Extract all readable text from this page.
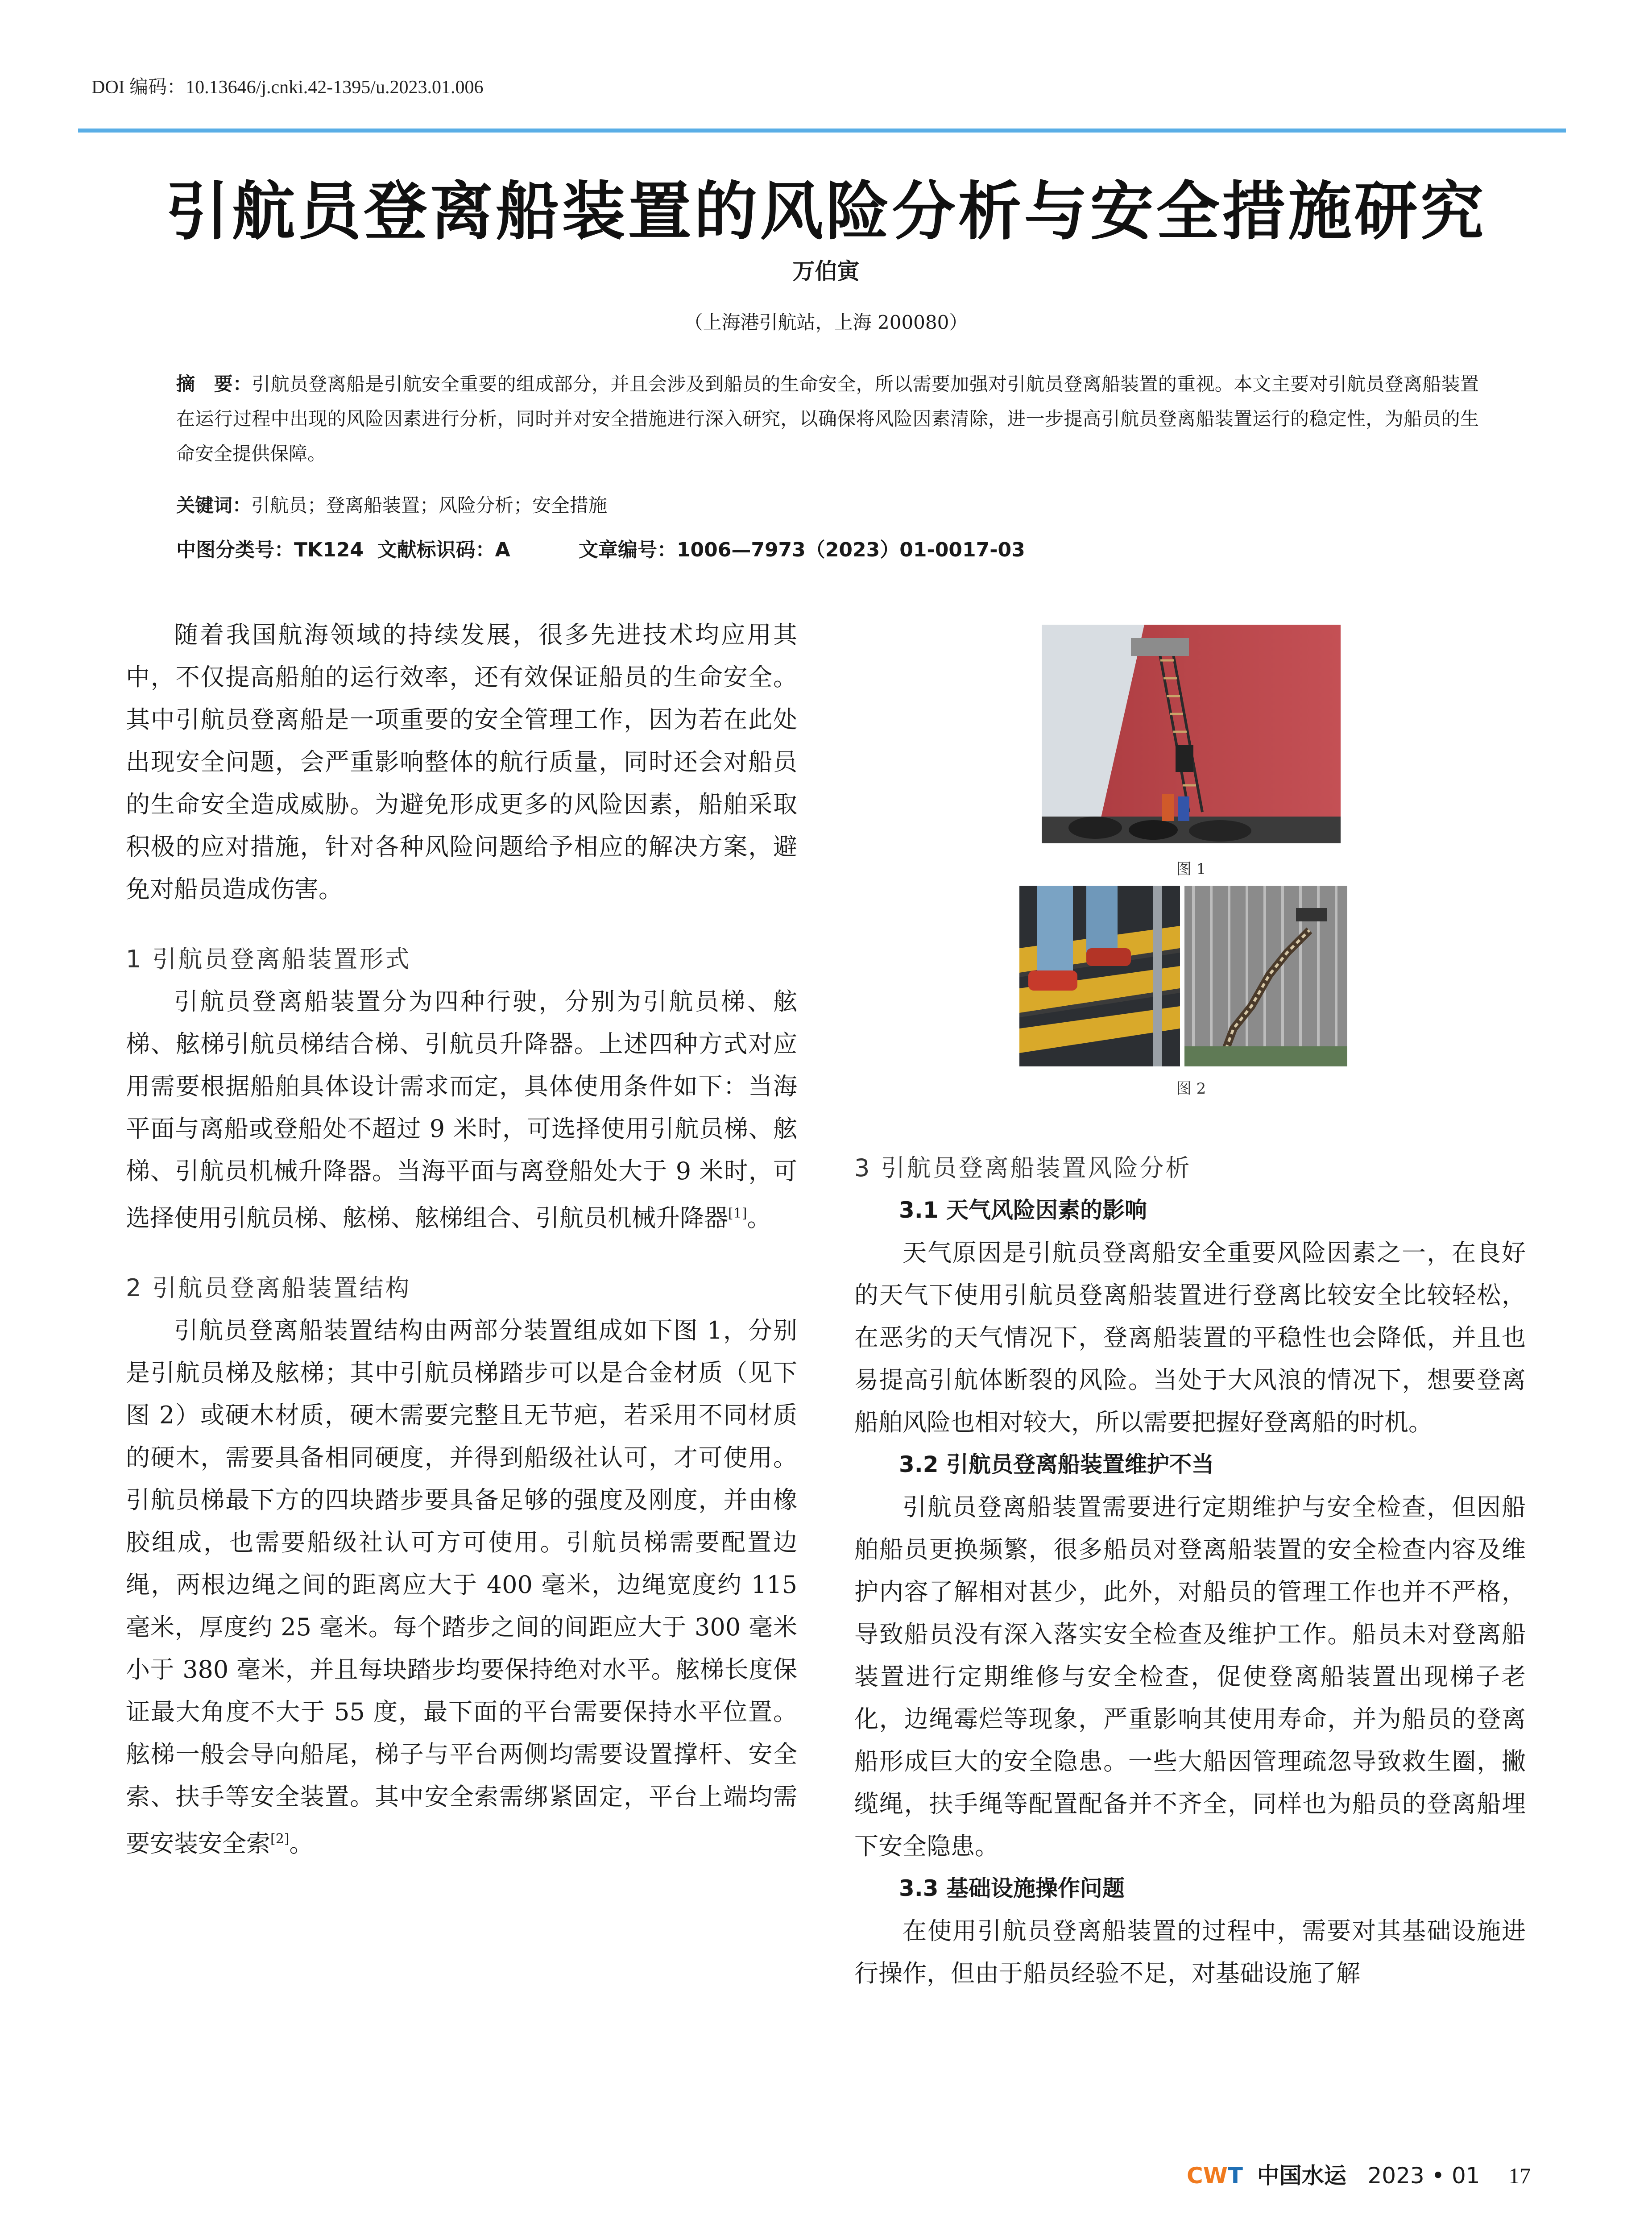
DOI 编码：10.13646/j.cnki.42-1395/u.2023.01.006
引航员登离船装置的风险分析与安全措施研究
万伯寅
（上海港引航站，上海 200080）
摘　要：引航员登离船是引航安全重要的组成部分，并且会涉及到船员的生命安全，所以需要加强对引航员登离船装置的重视。本文主要对引航员登离船装置在运行过程中出现的风险因素进行分析，同时并对安全措施进行深入研究，以确保将风险因素清除，进一步提高引航员登离船装置运行的稳定性，为船员的生命安全提供保障。
关键词：引航员；登离船装置；风险分析；安全措施
中图分类号：TK124 文献标识码：A	文章编号：1006—7973（2023）01-0017-03

随着我国航海领域的持续发展，很多先进技术均应用其中，不仅提高船舶的运行效率，还有效保证船员的生命安全。其中引航员登离船是一项重要的安全管理工作，因为若在此处出现安全问题，会严重影响整体的航行质量，同时还会对船员的生命安全造成威胁。为避免形成更多的风险因素，船舶采取积极的应对措施，针对各种风险问题给予相应的解决方案，避免对船员造成伤害。

1 引航员登离船装置形式

引航员登离船装置分为四种行驶，分别为引航员梯、舷梯、舷梯引航员梯结合梯、引航员升降器。上述四种方式对应用需要根据船舶具体设计需求而定，具体使用条件如下：当海平面与离船或登船处不超过 9 米时，可选择使用引航员梯、舷梯、引航员机械升降器。当海平面与离登船处大于 9 米时，可选择使用引航员梯、舷梯、舷梯组合、引航员机械升降器[1]。

2 引航员登离船装置结构

引航员登离船装置结构由两部分装置组成如下图 1，分别是引航员梯及舷梯；其中引航员梯踏步可以是合金材质（见下图 2）或硬木材质，硬木需要完整且无节疤，若采用不同材质的硬木，需要具备相同硬度，并得到船级社认可，才可使用。引航员梯最下方的四块踏步要具备足够的强度及刚度，并由橡胶组成，也需要船级社认可方可使用。引航员梯需要配置边绳，两根边绳之间的距离应大于 400 毫米，边绳宽度约 115 毫米，厚度约 25 毫米。每个踏步之间的间距应大于 300 毫米小于 380 毫米，并且每块踏步均要保持绝对水平。舷梯长度保证最大角度不大于 55 度，最下面的平台需要保持水平位置。舷梯一般会导向船尾，梯子与平台两侧均需要设置撑杆、安全索、扶手等安全装置。其中安全索需绑紧固定，平台上端均需要安装安全索[2]。

图 1
图 2

3 引航员登离船装置风险分析

3.1 天气风险因素的影响

天气原因是引航员登离船安全重要风险因素之一，在良好的天气下使用引航员登离船装置进行登离比较安全比较轻松，在恶劣的天气情况下，登离船装置的平稳性也会降低，并且也易提高引航体断裂的风险。当处于大风浪的情况下，想要登离船舶风险也相对较大，所以需要把握好登离船的时机。

3.2 引航员登离船装置维护不当

引航员登离船装置需要进行定期维护与安全检查，但因船舶船员更换频繁，很多船员对登离船装置的安全检查内容及维护内容了解相对甚少，此外，对船员的管理工作也并不严格，导致船员没有深入落实安全检查及维护工作。船员未对登离船装置进行定期维修与安全检查，促使登离船装置出现梯子老化，边绳霉烂等现象，严重影响其使用寿命，并为船员的登离船形成巨大的安全隐患。一些大船因管理疏忽导致救生圈，撇缆绳，扶手绳等配置配备并不齐全，同样也为船员的登离船埋下安全隐患。

3.3 基础设施操作问题

在使用引航员登离船装置的过程中，需要对其基础设施进行操作，但由于船员经验不足，对基础设施了解

CWT 中国水运 2023 • 01 17
